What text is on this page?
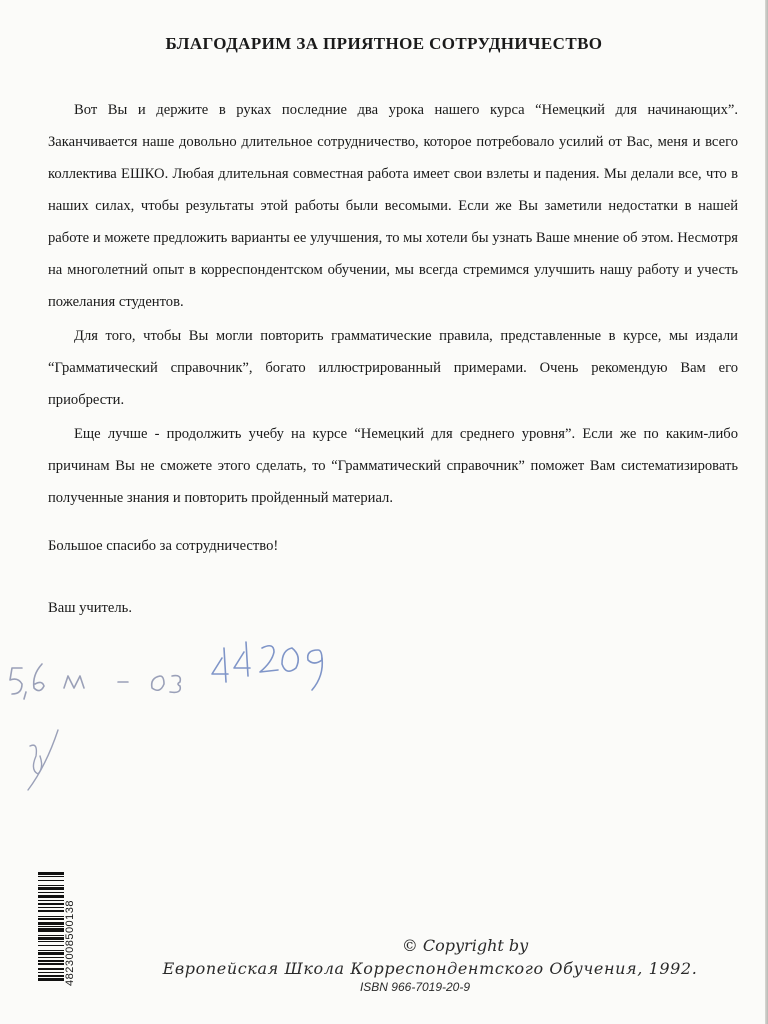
БЛАГОДАРИМ ЗА ПРИЯТНОЕ СОТРУДНИЧЕСТВО

Вот Вы и держите в руках последние два урока нашего курса “Немецкий для начинающих”. Заканчивается наше довольно длительное сотрудничество, которое потребовало усилий от Вас, меня и всего коллектива ЕШКО. Любая длительная совместная работа имеет свои взлеты и падения. Мы делали все, что в наших силах, чтобы результаты этой работы были весомыми. Если же Вы заметили недостатки в нашей работе и можете предложить варианты ее улучшения, то мы хотели бы узнать Ваше мнение об этом. Несмотря на многолетний опыт в корреспондентском обучении, мы всегда стремимся улучшить нашу работу и учесть пожелания студентов.

Для того, чтобы Вы могли повторить грамматические правила, представленные в курсе, мы издали “Грамматический справочник”, богато иллюстрированный примерами. Очень рекомендую Вам его приобрести.

Еще лучше - продолжить учебу на курсе “Немецкий для среднего уровня”. Если же по каким-либо причинам Вы не сможете этого сделать, то “Грамматический справочник” поможет Вам систематизировать полученные знания и повторить пройденный материал.

Большое спасибо за сотрудничество!
Ваш учитель.
4823008500138	© Copyright by
Европейская Школа Корреспондентского Обучения, 1992.
ISBN 966-7019-20-9
